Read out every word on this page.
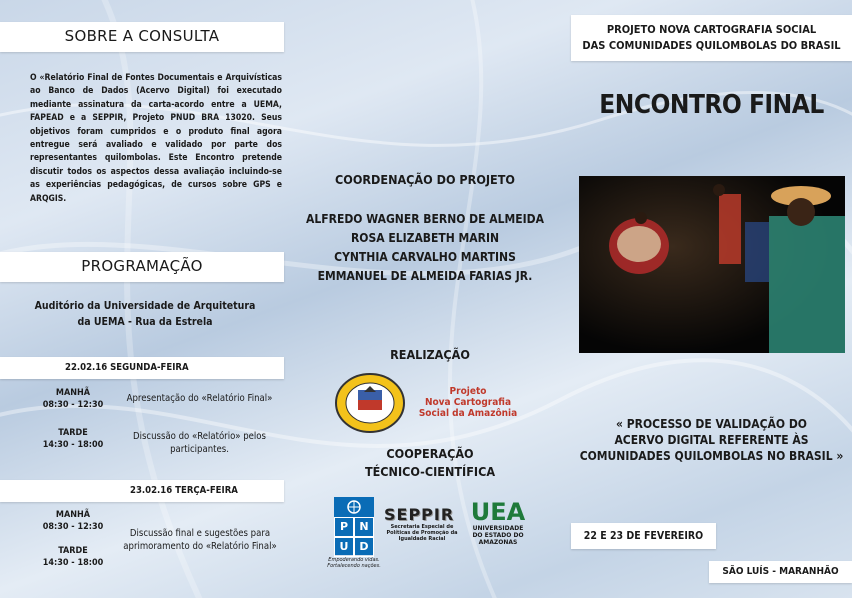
SOBRE A CONSULTA
O «Relatório Final de Fontes Documentais e Arquivísticas ao Banco de Dados (Acervo Digital) foi executado mediante assinatura da carta-acordo entre a UEMA, FAPEAD e a SEPPIR, Projeto PNUD BRA 13020. Seus objetivos foram cumpridos e o produto final agora entregue será avaliado e validado por parte dos representantes quilombolas. Este Encontro pretende discutir todos os aspectos dessa avaliação incluindo-se as experiências pedagógicas, de cursos sobre GPS e ARQGIS.
PROGRAMAÇÃO
Auditório da Universidade de Arquitetura
da UEMA - Rua da Estrela
22.02.16 SEGUNDA-FEIRA
MANHÃ
08:30 - 12:30
Apresentação do «Relatório Final»
TARDE
14:30 - 18:00
Discussão do «Relatório» pelos
participantes.
23.02.16 TERÇA-FEIRA
MANHÃ
08:30 - 12:30
Discussão final e sugestões para
aprimoramento do «Relatório Final»
TARDE
14:30 - 18:00
COORDENAÇÃO DO PROJETO
ALFREDO WAGNER BERNO DE ALMEIDA
ROSA ELIZABETH MARIN
CYNTHIA CARVALHO MARTINS
EMMANUEL DE ALMEIDA FARIAS JR.
REALIZAÇÃO
Projeto
Nova Cartografia
Social da Amazônia
COOPERAÇÃO
TÉCNICO-CIENTÍFICA
P	N
U D
Empoderando vidas. Fortalecendo nações.
SEPPIR
Secretaria Especial de Políticas de Promoção da Igualdade Racial
UEA
UNIVERSIDADE
DO ESTADO DO
AMAZONAS
PROJETO NOVA CARTOGRAFIA SOCIAL
DAS COMUNIDADES QUILOMBOLAS DO BRASIL
ENCONTRO FINAL
« PROCESSO DE VALIDAÇÃO DO
ACERVO DIGITAL REFERENTE ÀS
COMUNIDADES QUILOMBOLAS NO BRASIL »
22 E 23 DE FEVEREIRO
SÃO LUÍS - MARANHÃO
